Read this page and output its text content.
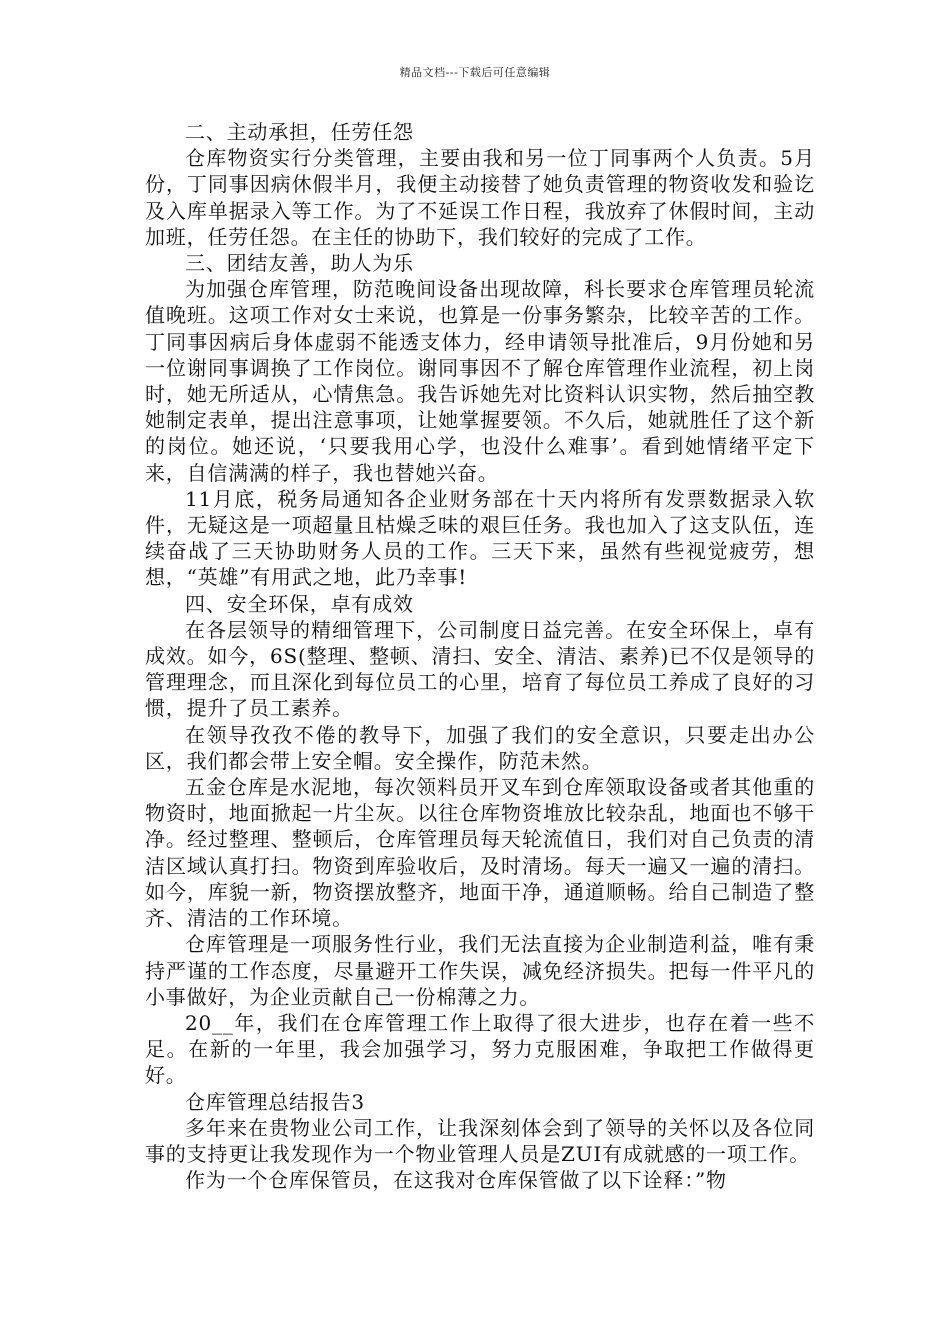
精品文档---下载后可任意编辑

二、主动承担，任劳任怨

仓库物资实行分类管理，主要由我和另一位丁同事两个人负责。5月份，丁同事因病休假半月，我便主动接替了她负责管理的物资收发和验讫及入库单据录入等工作。为了不延误工作日程，我放弃了休假时间，主动加班，任劳任怨。在主任的协助下，我们较好的完成了工作。

三、团结友善，助人为乐

为加强仓库管理，防范晚间设备出现故障，科长要求仓库管理员轮流值晚班。这项工作对女士来说，也算是一份事务繁杂，比较辛苦的工作。丁同事因病后身体虚弱不能透支体力，经申请领导批准后，9月份她和另一位谢同事调换了工作岗位。谢同事因不了解仓库管理作业流程，初上岗时，她无所适从，心情焦急。我告诉她先对比资料认识实物，然后抽空教她制定表单，提出注意事项，让她掌握要领。不久后，她就胜任了这个新的岗位。她还说，‘只要我用心学，也没什么难事’。看到她情绪平定下来，自信满满的样子，我也替她兴奋。

11月底，税务局通知各企业财务部在十天内将所有发票数据录入软件，无疑这是一项超量且枯燥乏味的艰巨任务。我也加入了这支队伍，连续奋战了三天协助财务人员的工作。三天下来，虽然有些视觉疲劳，想想，“英雄”有用武之地，此乃幸事!

四、安全环保，卓有成效

在各层领导的精细管理下，公司制度日益完善。在安全环保上，卓有成效。如今，6S(整理、整顿、清扫、安全、清洁、素养)已不仅是领导的管理理念，而且深化到每位员工的心里，培育了每位员工养成了良好的习惯，提升了员工素养。

在领导孜孜不倦的教导下，加强了我们的安全意识，只要走出办公区，我们都会带上安全帽。安全操作，防范未然。

五金仓库是水泥地，每次领料员开叉车到仓库领取设备或者其他重的物资时，地面掀起一片尘灰。以往仓库物资堆放比较杂乱，地面也不够干净。经过整理、整顿后，仓库管理员每天轮流值日，我们对自己负责的清洁区域认真打扫。物资到库验收后，及时清场。每天一遍又一遍的清扫。如今，库貌一新，物资摆放整齐，地面干净，通道顺畅。给自己制造了整齐、清洁的工作环境。

仓库管理是一项服务性行业，我们无法直接为企业制造利益，唯有秉持严谨的工作态度，尽量避开工作失误，减免经济损失。把每一件平凡的小事做好，为企业贡献自己一份棉薄之力。

20__年，我们在仓库管理工作上取得了很大进步，也存在着一些不足。在新的一年里，我会加强学习，努力克服困难，争取把工作做得更好。

仓库管理总结报告3

多年来在贵物业公司工作，让我深刻体会到了领导的关怀以及各位同事的支持更让我发现作为一个物业管理人员是ZUI有成就感的一项工作。

作为一个仓库保管员，在这我对仓库保管做了以下诠释：”物
